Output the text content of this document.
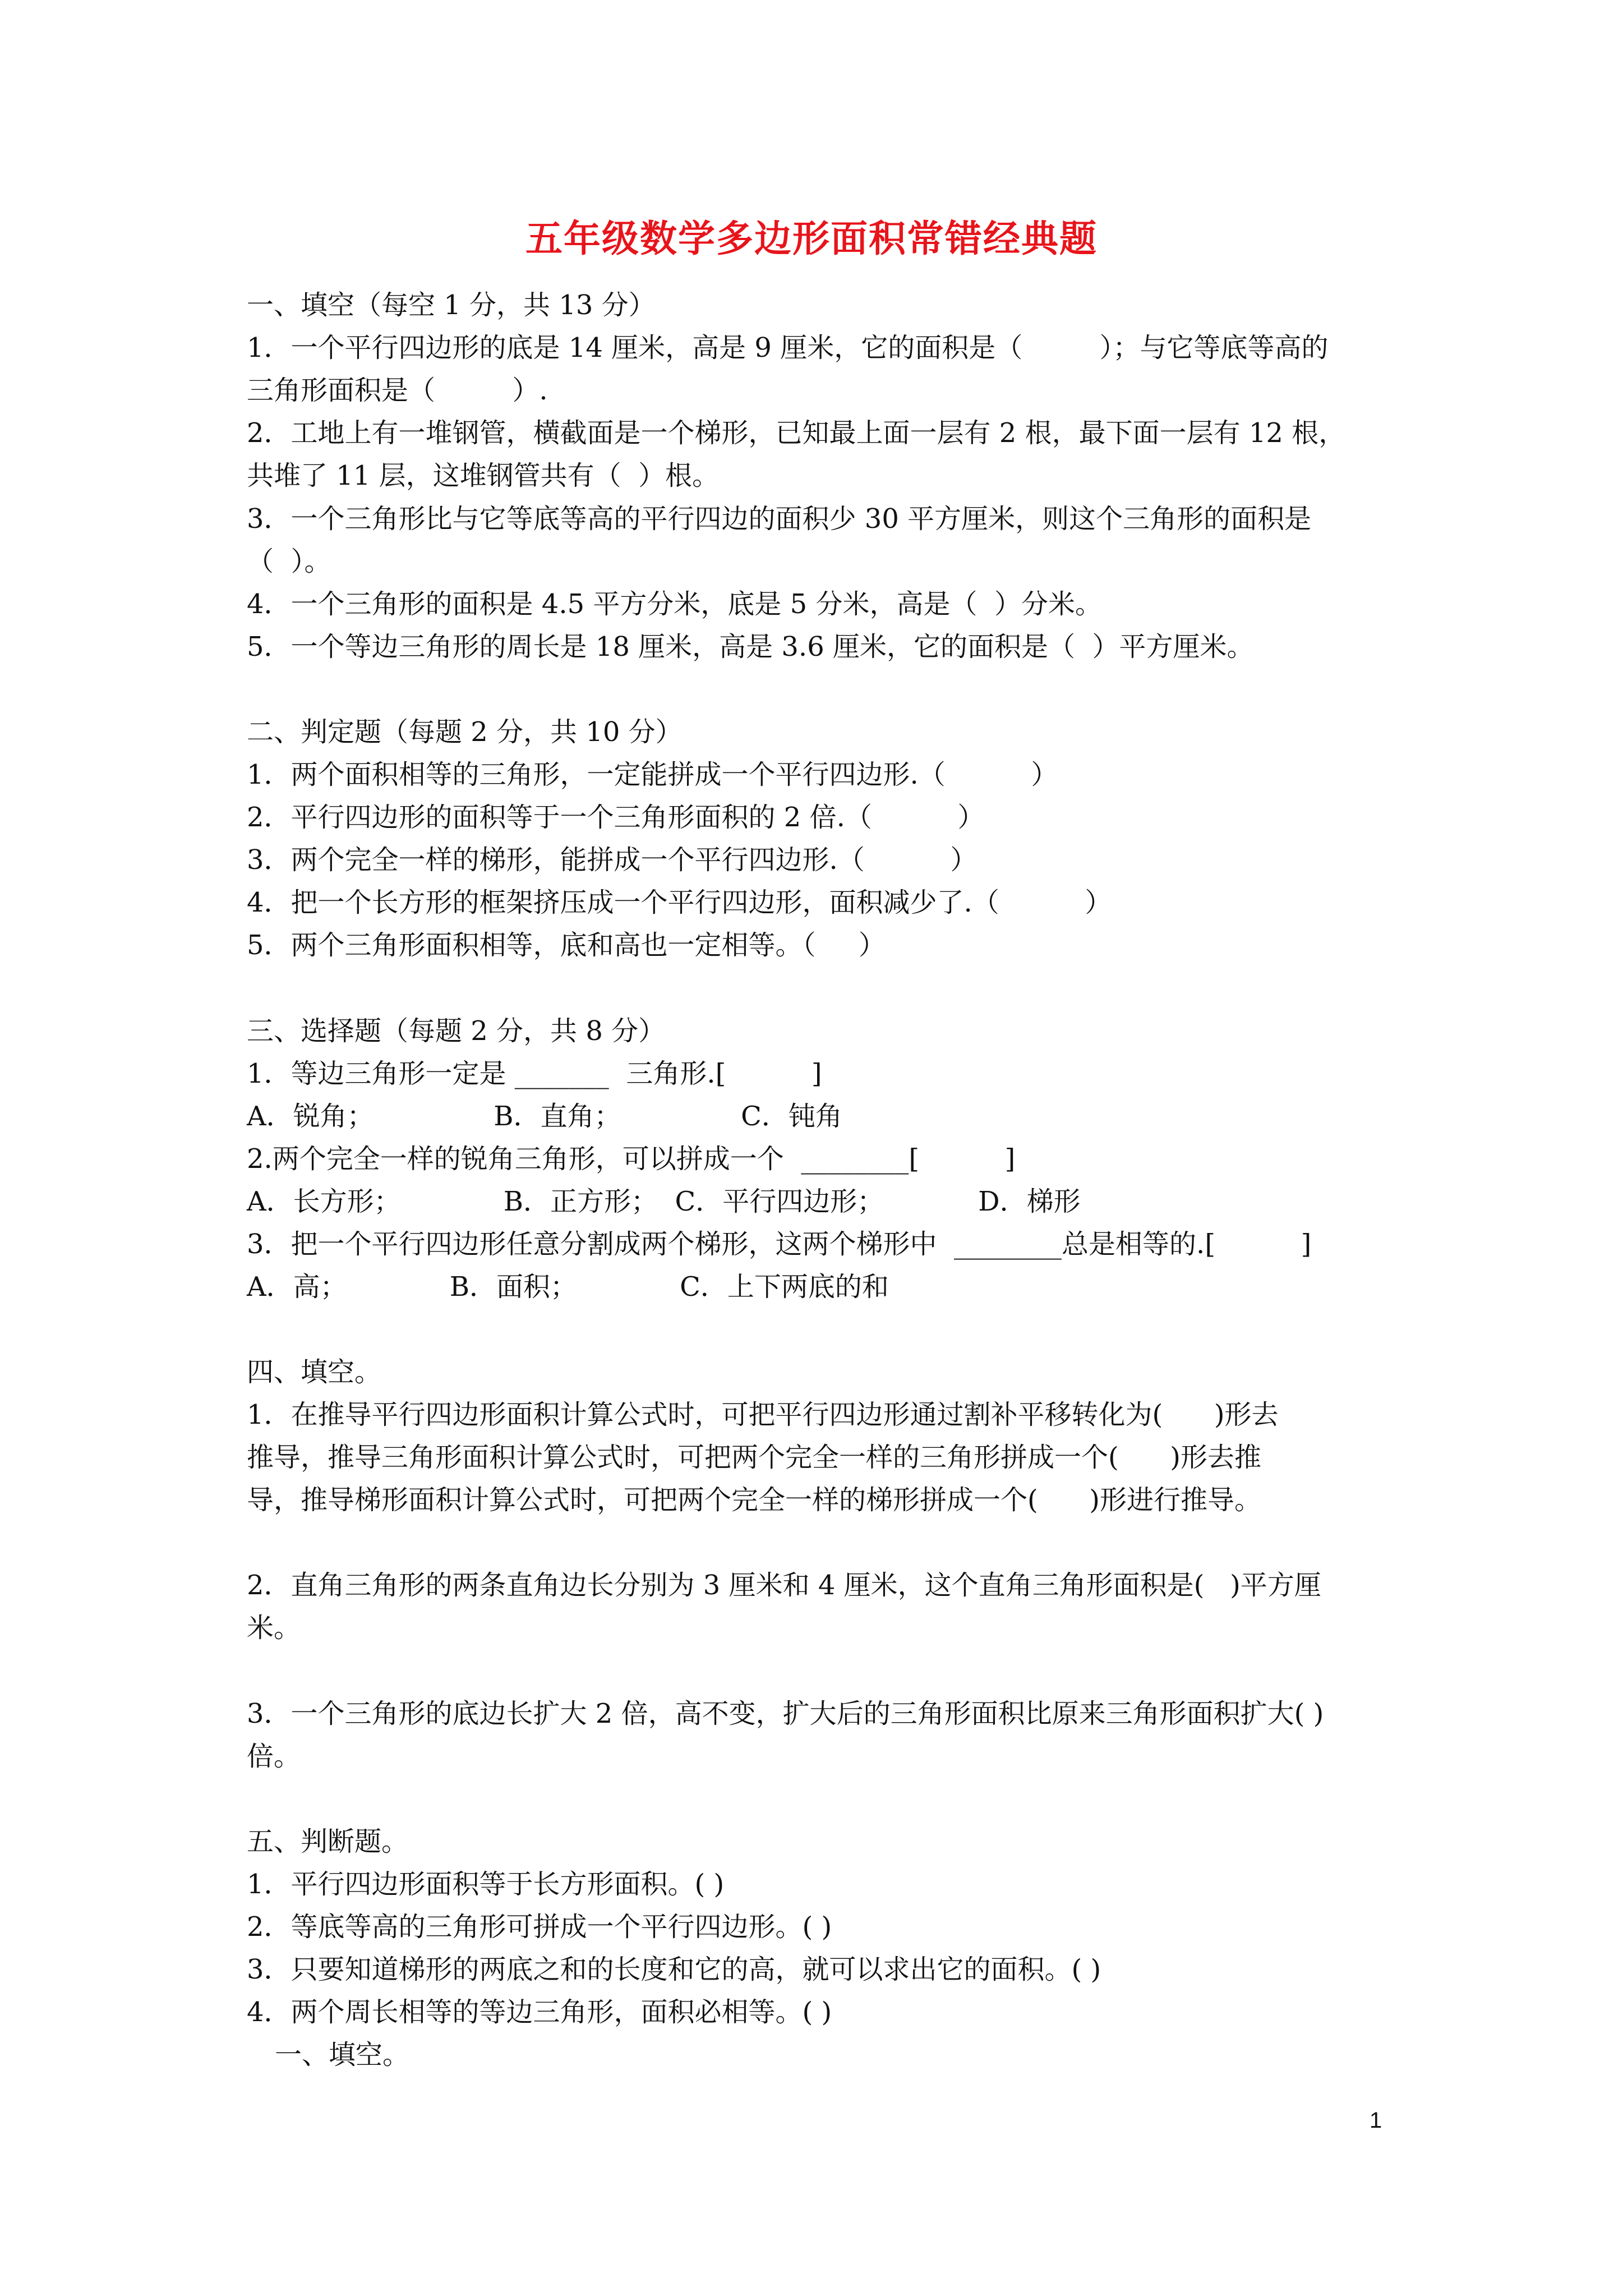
五年级数学多边形面积常错经典题
一、填空（每空 1 分，共 13 分）
1．一个平行四边形的底是 14 厘米，高是 9 厘米，它的面积是（         ）；与它等底等高的
三角形面积是（         ）.
2．工地上有一堆钢管，横截面是一个梯形，已知最上面一层有 2 根，最下面一层有 12 根，
共堆了 11 层，这堆钢管共有（  ）根。
3．一个三角形比与它等底等高的平行四边的面积少 30 平方厘米，则这个三角形的面积是
（  ）。
4．一个三角形的面积是 4.5 平方分米，底是 5 分米，高是（  ）分米。
5．一个等边三角形的周长是 18 厘米，高是 3.6 厘米，它的面积是（  ）平方厘米。
二、判定题（每题 2 分，共 10 分）
1．两个面积相等的三角形，一定能拼成一个平行四边形.（          ）
2．平行四边形的面积等于一个三角形面积的 2 倍.（          ）
3．两个完全一样的梯形，能拼成一个平行四边形.（          ）
4．把一个长方形的框架挤压成一个平行四边形，面积减少了.（          ）
5．两个三角形面积相等，底和高也一定相等。（     ）
三、选择题（每题 2 分，共 8 分）
1．等边三角形一定是 _______  三角形.[          ]
A．锐角；              B．直角；              C．钝角
2.两个完全一样的锐角三角形，可以拼成一个  ________[          ]
A．长方形；            B．正方形；  C．平行四边形；           D．梯形
3．把一个平行四边形任意分割成两个梯形，这两个梯形中  ________总是相等的.[          ]
A．高；            B．面积；            C．上下两底的和
四、填空。
1．在推导平行四边形面积计算公式时，可把平行四边形通过割补平移转化为(      )形去
推导，推导三角形面积计算公式时，可把两个完全一样的三角形拼成一个(      )形去推
导，推导梯形面积计算公式时，可把两个完全一样的梯形拼成一个(      )形进行推导。
2．直角三角形的两条直角边长分别为 3 厘米和 4 厘米，这个直角三角形面积是(   )平方厘
米。
3．一个三角形的底边长扩大 2 倍，高不变，扩大后的三角形面积比原来三角形面积扩大( )
倍。
五、判断题。
1．平行四边形面积等于长方形面积。( )
2．等底等高的三角形可拼成一个平行四边形。( )
3．只要知道梯形的两底之和的长度和它的高，就可以求出它的面积。( )
4．两个周长相等的等边三角形，面积必相等。( )
一、填空。
1
